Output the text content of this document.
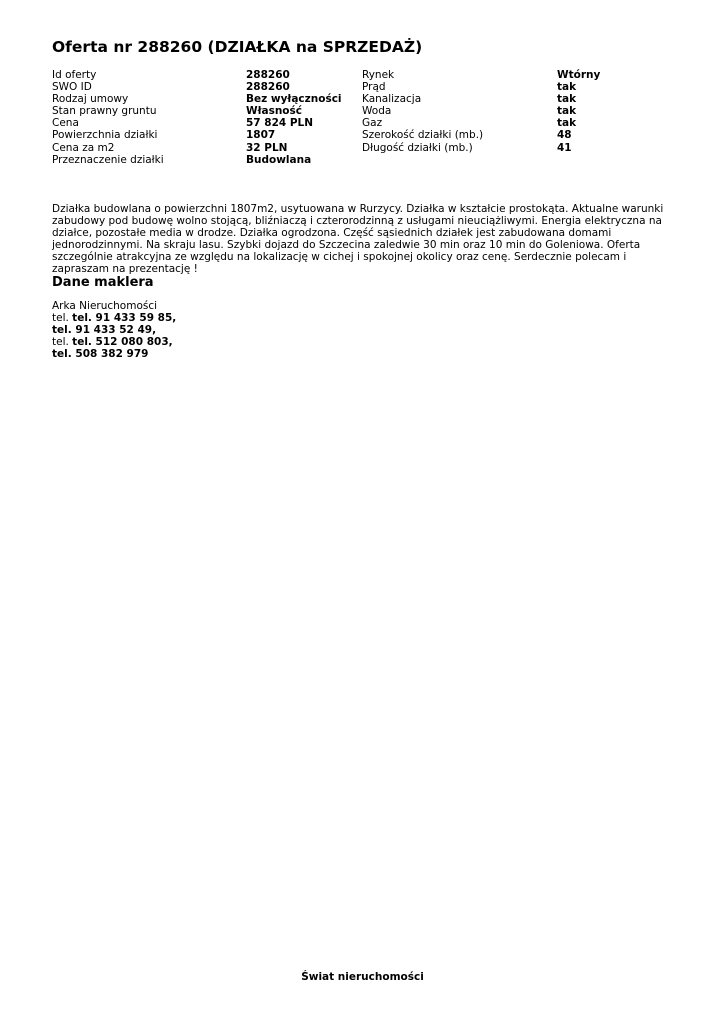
Oferta nr 288260 (DZIAŁKA na SPRZEDAŻ)
Id oferty
SWO ID
Rodzaj umowy
Stan prawny gruntu
Cena
Powierzchnia działki
Cena za m2
Przeznaczenie działki
288260
288260
Bez wyłączności
Własność
57 824 PLN
1807
32 PLN
Budowlana
Rynek
Prąd
Kanalizacja
Woda
Gaz
Szerokość działki (mb.)
Długość działki (mb.)
Wtórny
tak
tak
tak
tak
48
41

Działka budowlana o powierzchni 1807m2, usytuowana w Rurzycy. Działka w kształcie prostokąta. Aktualne warunki zabudowy pod budowę wolno stojącą, bliźniaczą i czterorodzinną z usługami nieuciążliwymi. Energia elektryczna na działce, pozostałe media w drodze. Działka ogrodzona. Część sąsiednich działek jest zabudowana domami jednorodzinnymi. Na skraju lasu. Szybki dojazd do Szczecina zaledwie 30 min oraz 10 min do Goleniowa. Oferta szczególnie atrakcyjna ze względu na lokalizację w cichej i spokojnej okolicy oraz cenę. Serdecznie polecam i zapraszam na prezentację !

Dane maklera
Arka Nieruchomości
tel. tel. 91 433 59 85,
tel. 91 433 52 49,
tel. tel. 512 080 803,
tel. 508 382 979
Świat nieruchomości
